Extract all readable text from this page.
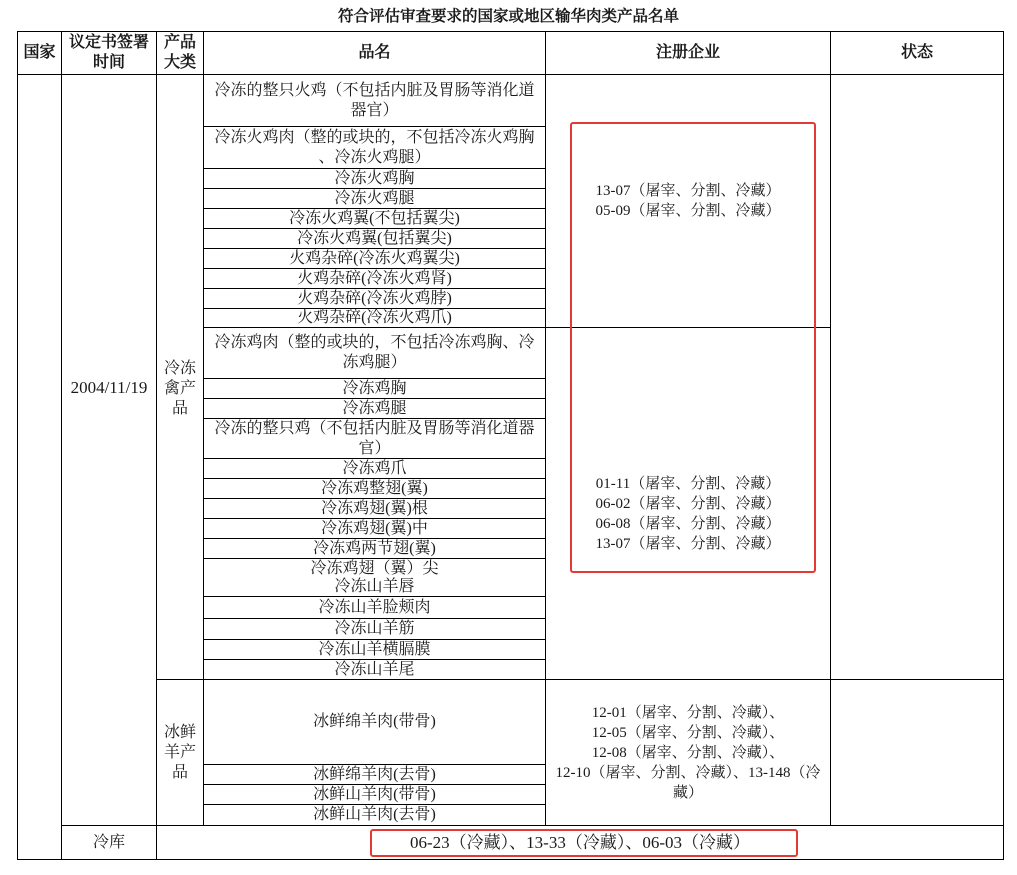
符合评估审查要求的国家或地区输华肉类产品名单
国家
议定书签署时间
产品大类
品名	注册企业	状态
2004/11/19
冷库
冷冻禽产品
冰鲜羊产品
冷冻的整只火鸡（不包括内脏及胃肠等消化道器官）
冷冻火鸡肉（整的或块的，不包括冷冻火鸡胸、冷冻火鸡腿）
冷冻火鸡胸
冷冻火鸡腿
冷冻火鸡翼(不包括翼尖)
冷冻火鸡翼(包括翼尖)
火鸡杂碎(冷冻火鸡翼尖)
火鸡杂碎(冷冻火鸡肾)
火鸡杂碎(冷冻火鸡脖)
火鸡杂碎(冷冻火鸡爪)
冷冻鸡肉（整的或块的，不包括冷冻鸡胸、冷冻鸡腿）
冷冻鸡胸
冷冻鸡腿
冷冻的整只鸡（不包括内脏及胃肠等消化道器官）
冷冻鸡爪
冷冻鸡整翅(翼)
冷冻鸡翅(翼)根
冷冻鸡翅(翼)中
冷冻鸡两节翅(翼)
冷冻鸡翅（翼）尖
冷冻山羊唇
冷冻山羊脸颊肉
冷冻山羊筋
冷冻山羊横膈膜
冷冻山羊尾
冰鲜绵羊肉(带骨)
冰鲜绵羊肉(去骨)
冰鲜山羊肉(带骨)
冰鲜山羊肉(去骨)
13-07（屠宰、分割、冷藏）
05-09（屠宰、分割、冷藏）
01-11（屠宰、分割、冷藏）
06-02（屠宰、分割、冷藏）
06-08（屠宰、分割、冷藏）
13-07（屠宰、分割、冷藏）
12-01（屠宰、分割、冷藏）、
12-05（屠宰、分割、冷藏）、
12-08（屠宰、分割、冷藏）、
12-10（屠宰、分割、冷藏）、13-148（冷藏）
06-23（冷藏）、13-33（冷藏）、06-03（冷藏）
